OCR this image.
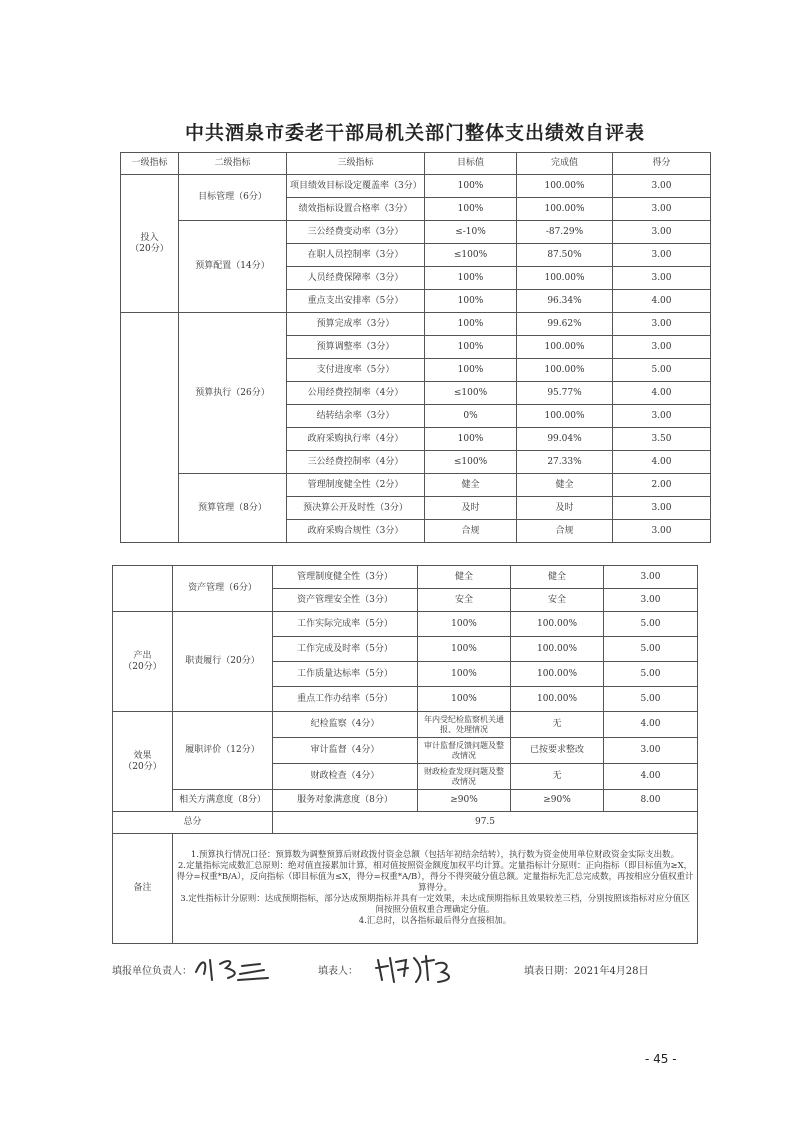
中共酒泉市委老干部局机关部门整体支出绩效自评表
一级指标	二级指标	三级指标	目标值	完成值	得分
投入
（20分）	目标管理（6分）	项目绩效目标设定覆盖率（3分）	100%	100.00%	3.00
		绩效指标设置合格率（3分）	100%	100.00%	3.00
	预算配置（14分）	三公经费变动率（3分）	≤-10%	-87.29%	3.00
		在职人员控制率（3分）	≤100%	87.50%	3.00
		人员经费保障率（3分）	100%	100.00%	3.00
		重点支出安排率（5分）	100%	96.34%	4.00
	预算执行（26分）	预算完成率（3分）	100%	99.62%	3.00
		预算调整率（3分）	100%	100.00%	3.00
		支付进度率（5分）	100%	100.00%	5.00
		公用经费控制率（4分）	≤100%	95.77%	4.00
		结转结余率（3分）	0%	100.00%	3.00
		政府采购执行率（4分）	100%	99.04%	3.50
		三公经费控制率（4分）	≤100%	27.33%	4.00
	预算管理（8分）	管理制度健全性（2分）	健全	健全	2.00
		预决算公开及时性（3分）	及时	及时	3.00
		政府采购合规性（3分）	合规	合规	3.00
	资产管理（6分）	管理制度健全性（3分）	健全	健全	3.00
		资产管理安全性（3分）	安全	安全	3.00
产出
（20分）	职责履行（20分）	工作实际完成率（5分）	100%	100.00%	5.00
		工作完成及时率（5分）	100%	100.00%	5.00
		工作质量达标率（5分）	100%	100.00%	5.00
		重点工作办结率（5分）	100%	100.00%	5.00
效果
（20分）	履职评价（12分）	纪检监察（4分）	年内受纪检监察机关通报、处理情况	无	4.00
		审计监督（4分）	审计监督反馈问题及整改情况	已按要求整改	3.00
		财政检查（4分）	财政检查发现问题及整改情况	无	4.00
	相关方满意度（8分）	服务对象满意度（8分）	≥90%	≥90%	8.00
总分		97.5			
备注	1.预算执行情况口径：预算数为调整预算后财政拨付资金总额（包括年初结余结转），执行数为资金使用单位财政资金实际支出数。

2.定量指标完成数汇总原则：绝对值直接累加计算，相对值按照资金额度加权平均计算。定量指标计分原则：正向指标（即目标值为≥X，得分=权重*B/A），反向指标（即目标值为≤X，得分=权重*A/B），得分不得突破分值总额。定量指标先汇总完成数，再按相应分值权重计算得分。

3.定性指标计分原则：达成预期指标，部分达成预期指标并具有一定效果，未达成预期指标且效果较差三档，分别按照该指标对应分值区间按照分值权重合理确定分值。

4.汇总时，以各指标最后得分直接相加。				

填报单位负责人：	填表人：	填表日期：2021年4月28日
- 45 -
